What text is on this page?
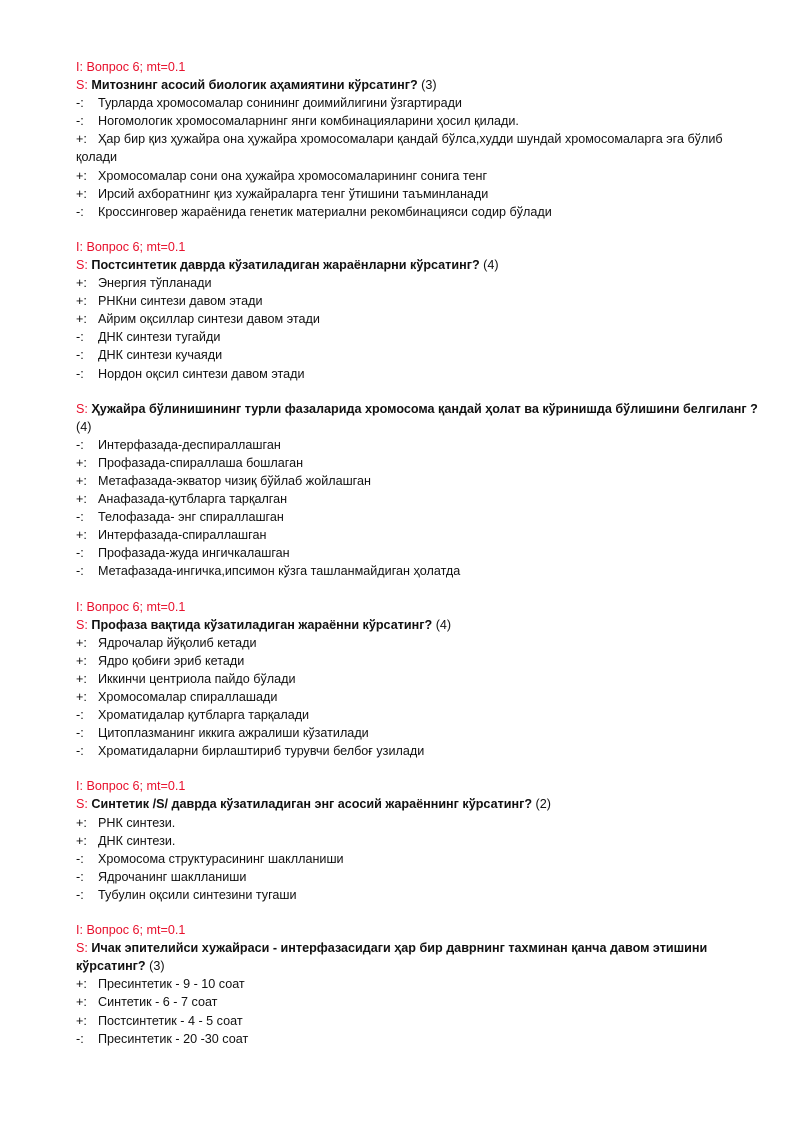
I: Вопрос 6; mt=0.1
S: Митознинг асосий биологик аҳамиятини кўрсатинг? (3)
-: Турларда хромосомалар сонининг доимийлигини ўзгартиради
-: Ногомологик хромосомаларнинг янги комбинацияларини ҳосил қилади.
+: Ҳар бир қиз ҳужайра она ҳужайра хромосомалари қандай бўлса,худди шундай хромосомаларга эга бўлиб қолади
+: Хромосомалар сони она ҳужайра хромосомаларининг сонига тенг
+: Ирсий ахборатнинг қиз хужайраларга тенг ўтишини таъминланади
-: Кроссинговер жараёнида генетик материални рекомбинацияси содир бўлади
I: Вопрос 6; mt=0.1
S: Постсинтетик даврда кўзатиладиган жараёнларни кўрсатинг? (4)
+: Энергия тўпланади
+: РНКни синтези давом этади
+: Айрим оқсиллар синтези давом этади
-: ДНК синтези тугайди
-: ДНК синтези кучаяди
-: Нордон оқсил синтези давом этади
S: Ҳужайра бўлинишининг турли фазаларида хромосома қандай ҳолат ва кўринишда бўлишини белгиланг ? (4)
-: Интерфазада-деспираллашган
+: Профазада-спираллаша бошлаган
+: Метафазада-экватор чизиқ бўйлаб жойлашган
+: Анафазада-қутбларга тарқалган
-: Телофазада- энг спираллашган
+: Интерфазада-спираллашган
-: Профазада-жуда ингичкалашган
-: Метафазада-ингичка,ипсимон кўзга ташланмайдиган ҳолатда
I: Вопрос 6; mt=0.1
S: Профаза вақтида кўзатиладиган жараённи кўрсатинг? (4)
+: Ядрочалар йўқолиб кетади
+: Ядро қобиғи эриб кетади
+: Иккинчи центриола пайдо бўлади
+: Хромосомалар спираллашади
-: Хроматидалар қутбларга тарқалади
-: Цитоплазманинг иккига ажралиши кўзатилади
-: Хроматидаларни бирлаштириб турувчи белбоғ узилади
I: Вопрос 6; mt=0.1
S: Синтетик /S/ даврда кўзатиладиган энг асосий жараённинг кўрсатинг? (2)
+: РНК синтези.
+: ДНК синтези.
-: Хромосома структурасининг шаклланиши
-: Ядрочанинг шаклланиши
-: Тубулин оқсили синтезини тугаши
I: Вопрос 6; mt=0.1
S: Ичак эпителийси хужайраси - интерфазасидаги ҳар бир даврнинг тахминан қанча давом этишини кўрсатинг? (3)
+: Пресинтетик - 9 - 10 соат
+: Синтетик - 6 - 7 соат
+: Постсинтетик - 4 - 5 соат
-: Пресинтетик - 20 -30 соат
